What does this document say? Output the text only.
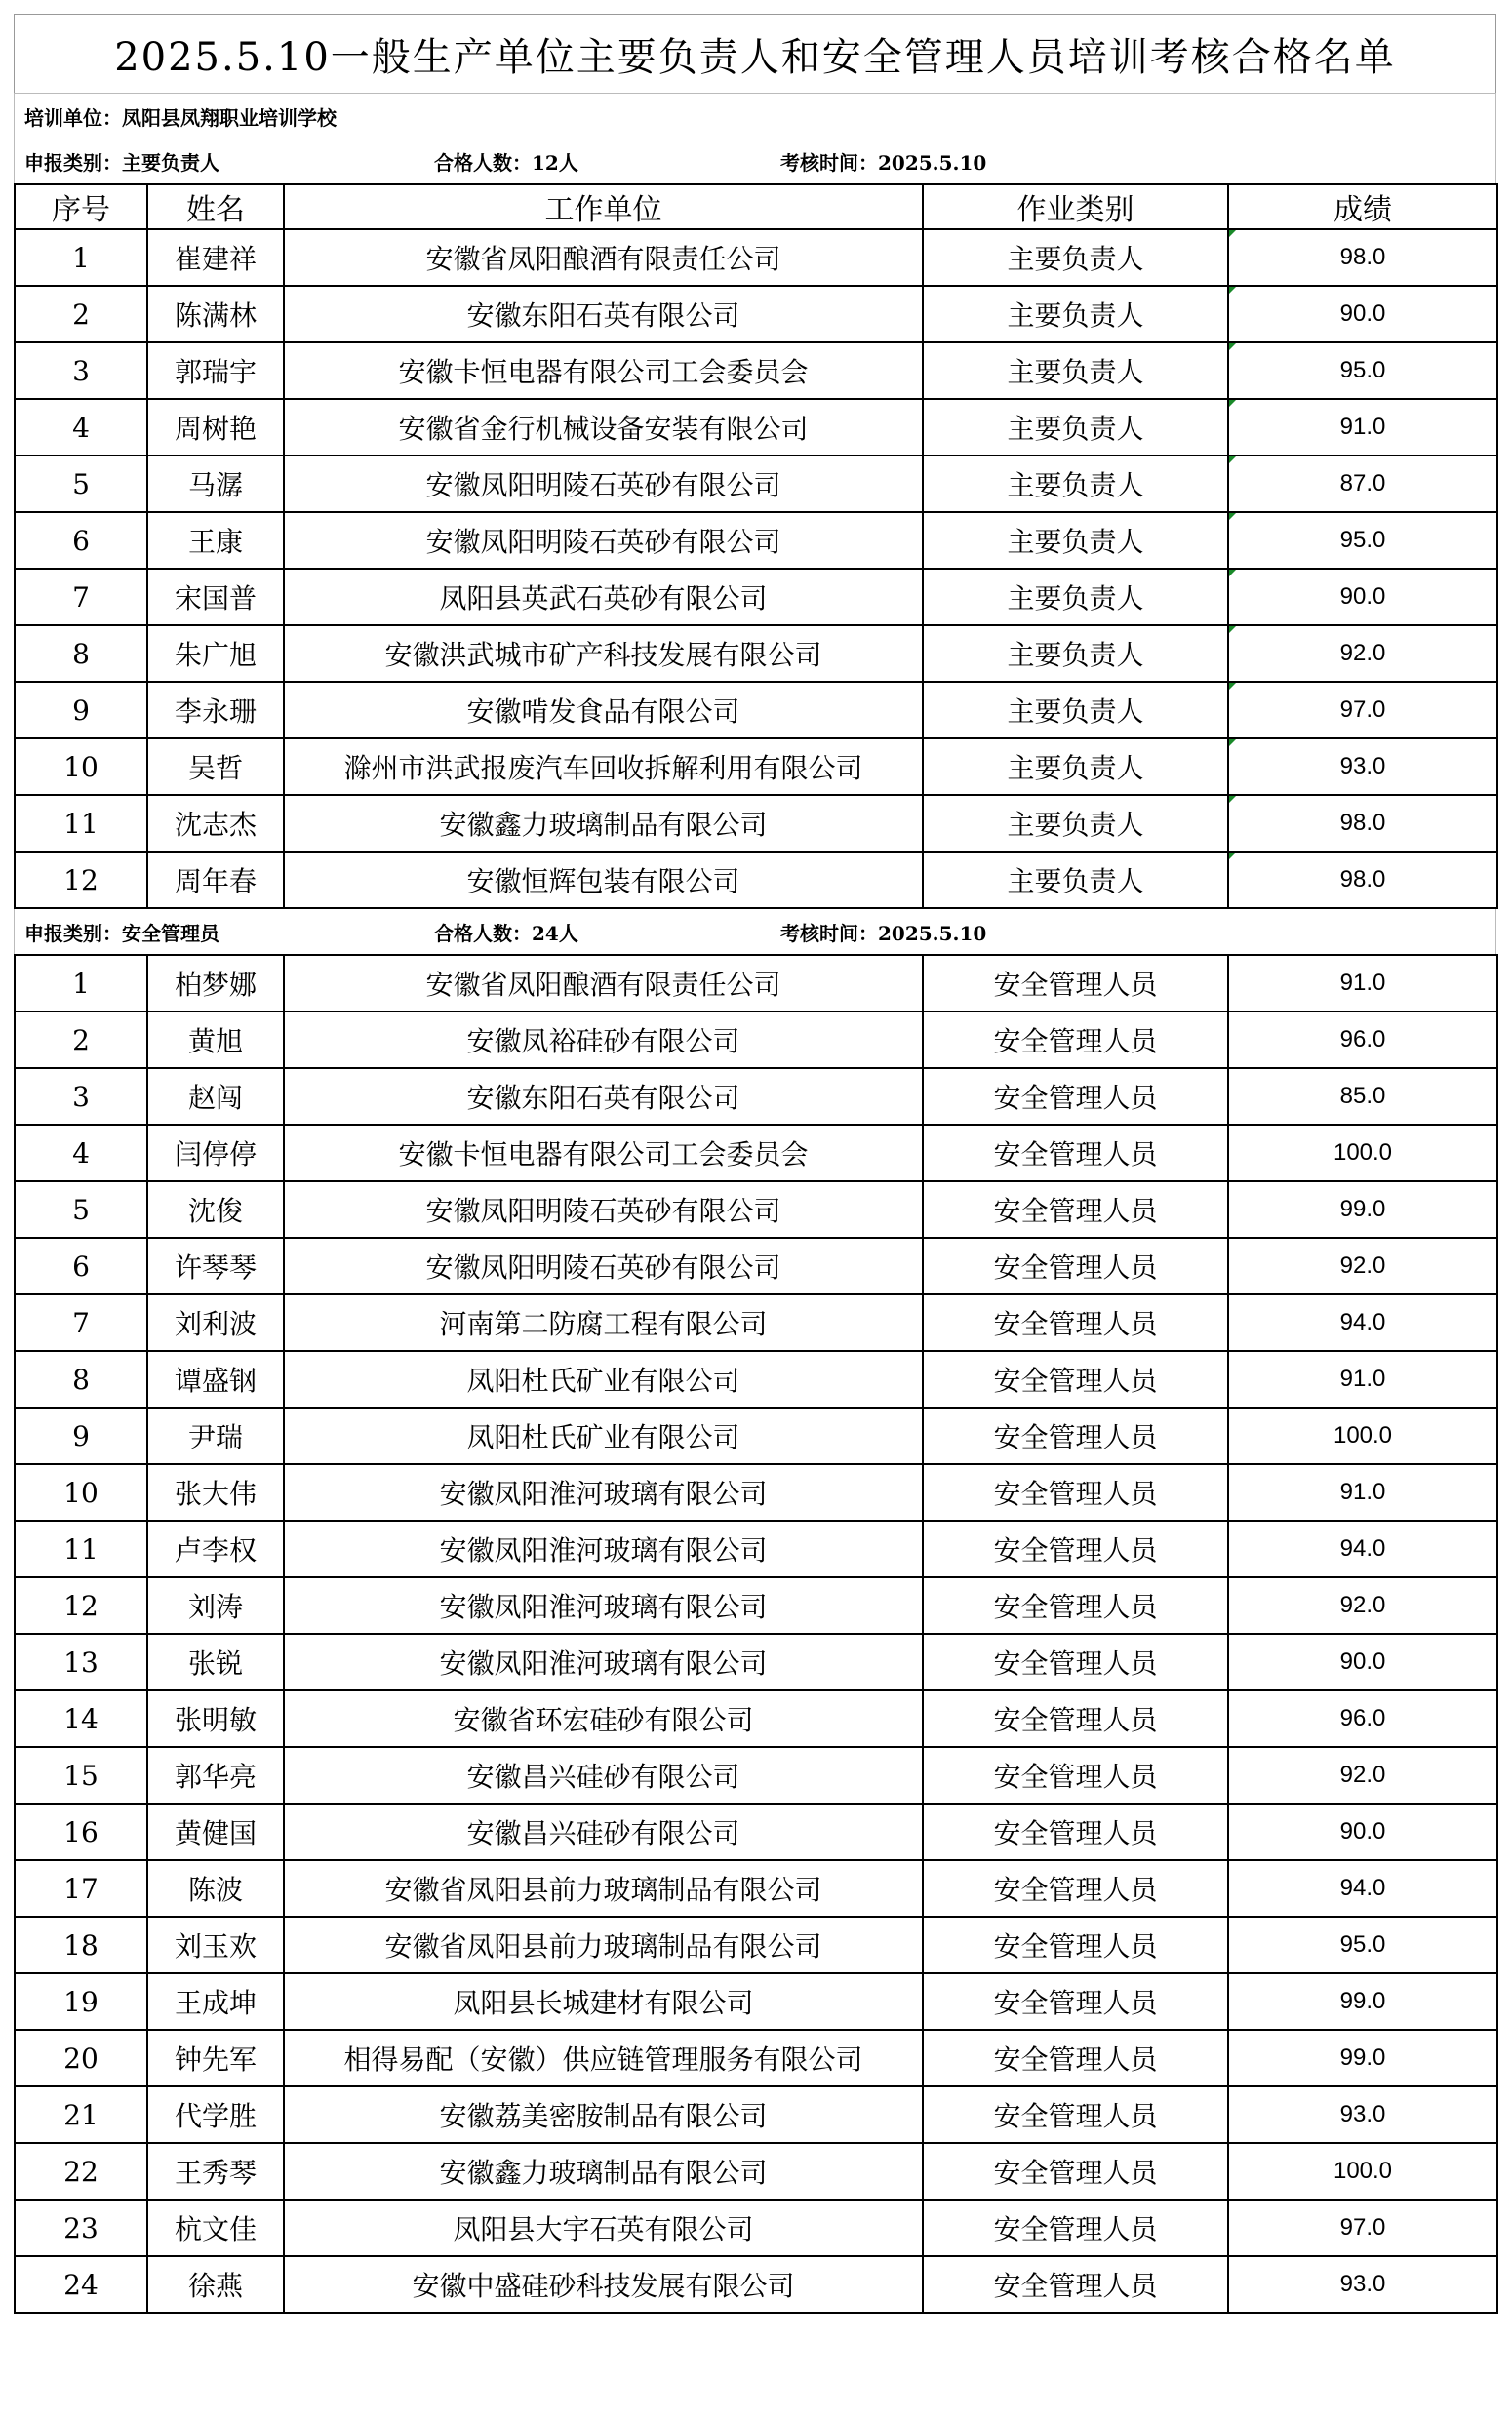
2025.5.10一般生产单位主要负责人和安全管理人员培训考核合格名单
培训单位：凤阳县凤翔职业培训学校
申报类别：主要负责人	合格人数：12人	考核时间：2025.5.10
序号	姓名	工作单位	作业类别	成绩
1	崔建祥	安徽省凤阳酿酒有限责任公司	主要负责人	98.0
2	陈满林	安徽东阳石英有限公司	主要负责人	90.0
3	郭瑞宇	安徽卡恒电器有限公司工会委员会	主要负责人	95.0
4	周树艳	安徽省金行机械设备安装有限公司	主要负责人	91.0
5	马潺	安徽凤阳明陵石英砂有限公司	主要负责人	87.0
6	王康	安徽凤阳明陵石英砂有限公司	主要负责人	95.0
7	宋国普	凤阳县英武石英砂有限公司	主要负责人	90.0
8	朱广旭	安徽洪武城市矿产科技发展有限公司	主要负责人	92.0
9	李永珊	安徽啃发食品有限公司	主要负责人	97.0
10	吴哲	滁州市洪武报废汽车回收拆解利用有限公司	主要负责人	93.0
11	沈志杰	安徽鑫力玻璃制品有限公司	主要负责人	98.0
12	周年春	安徽恒辉包装有限公司	主要负责人	98.0
申报类别：安全管理员	合格人数：24人	考核时间：2025.5.10
1	柏梦娜	安徽省凤阳酿酒有限责任公司	安全管理人员	91.0
2	黄旭	安徽凤裕硅砂有限公司	安全管理人员	96.0
3	赵闯	安徽东阳石英有限公司	安全管理人员	85.0
4	闫停停	安徽卡恒电器有限公司工会委员会	安全管理人员	100.0
5	沈俊	安徽凤阳明陵石英砂有限公司	安全管理人员	99.0
6	许琴琴	安徽凤阳明陵石英砂有限公司	安全管理人员	92.0
7	刘利波	河南第二防腐工程有限公司	安全管理人员	94.0
8	谭盛钢	凤阳杜氏矿业有限公司	安全管理人员	91.0
9	尹瑞	凤阳杜氏矿业有限公司	安全管理人员	100.0
10	张大伟	安徽凤阳淮河玻璃有限公司	安全管理人员	91.0
11	卢李权	安徽凤阳淮河玻璃有限公司	安全管理人员	94.0
12	刘涛	安徽凤阳淮河玻璃有限公司	安全管理人员	92.0
13	张锐	安徽凤阳淮河玻璃有限公司	安全管理人员	90.0
14	张明敏	安徽省环宏硅砂有限公司	安全管理人员	96.0
15	郭华亮	安徽昌兴硅砂有限公司	安全管理人员	92.0
16	黄健国	安徽昌兴硅砂有限公司	安全管理人员	90.0
17	陈波	安徽省凤阳县前力玻璃制品有限公司	安全管理人员	94.0
18	刘玉欢	安徽省凤阳县前力玻璃制品有限公司	安全管理人员	95.0
19	王成坤	凤阳县长城建材有限公司	安全管理人员	99.0
20	钟先军	相得易配（安徽）供应链管理服务有限公司	安全管理人员	99.0
21	代学胜	安徽荔美密胺制品有限公司	安全管理人员	93.0
22	王秀琴	安徽鑫力玻璃制品有限公司	安全管理人员	100.0
23	杭文佳	凤阳县大宇石英有限公司	安全管理人员	97.0
24	徐燕	安徽中盛硅砂科技发展有限公司	安全管理人员	93.0
